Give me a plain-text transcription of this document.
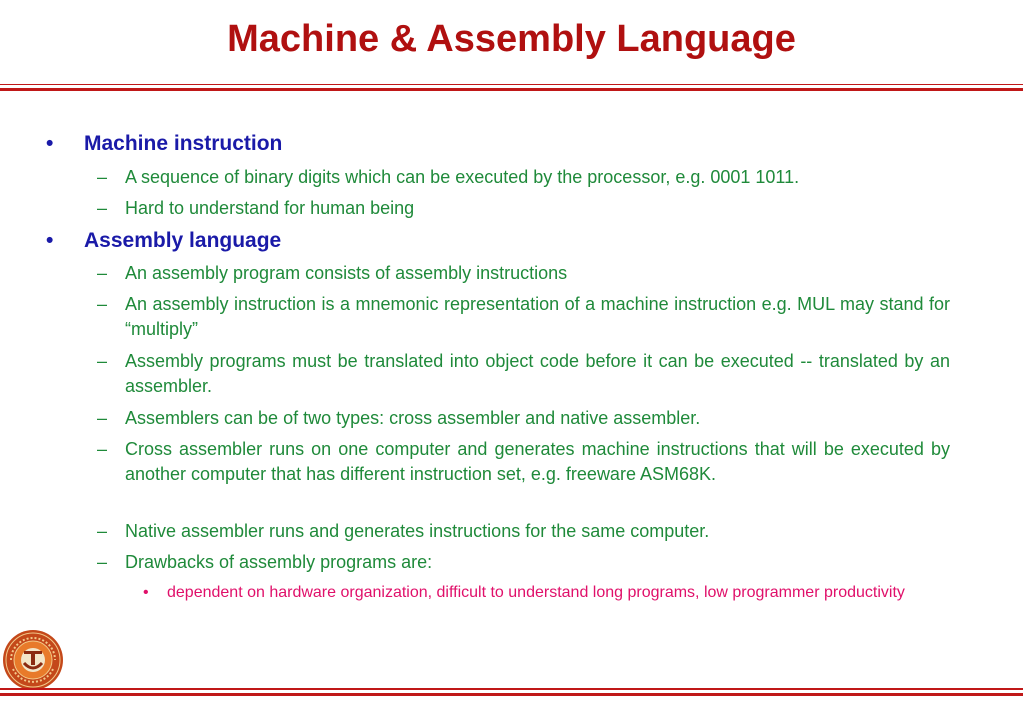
Machine & Assembly Language
• Machine instruction
– A sequence of binary digits which can be executed by the processor, e.g. 0001 1011.
– Hard to understand for human being
• Assembly language
– An assembly program consists of assembly instructions
– An assembly instruction is a mnemonic representation of a machine instruction e.g. MUL may stand for “multiply”
– Assembly programs must be translated into object code before it can be executed -- translated by an assembler.
– Assemblers can be of two types: cross assembler and native assembler.
– Cross assembler runs on one computer and generates machine instructions that will be executed by another computer that has different instruction set, e.g. freeware ASM68K.
– Native assembler runs and generates instructions for the same computer.
– Drawbacks of assembly programs are:
• dependent on hardware organization, difficult to understand long programs, low programmer productivity
